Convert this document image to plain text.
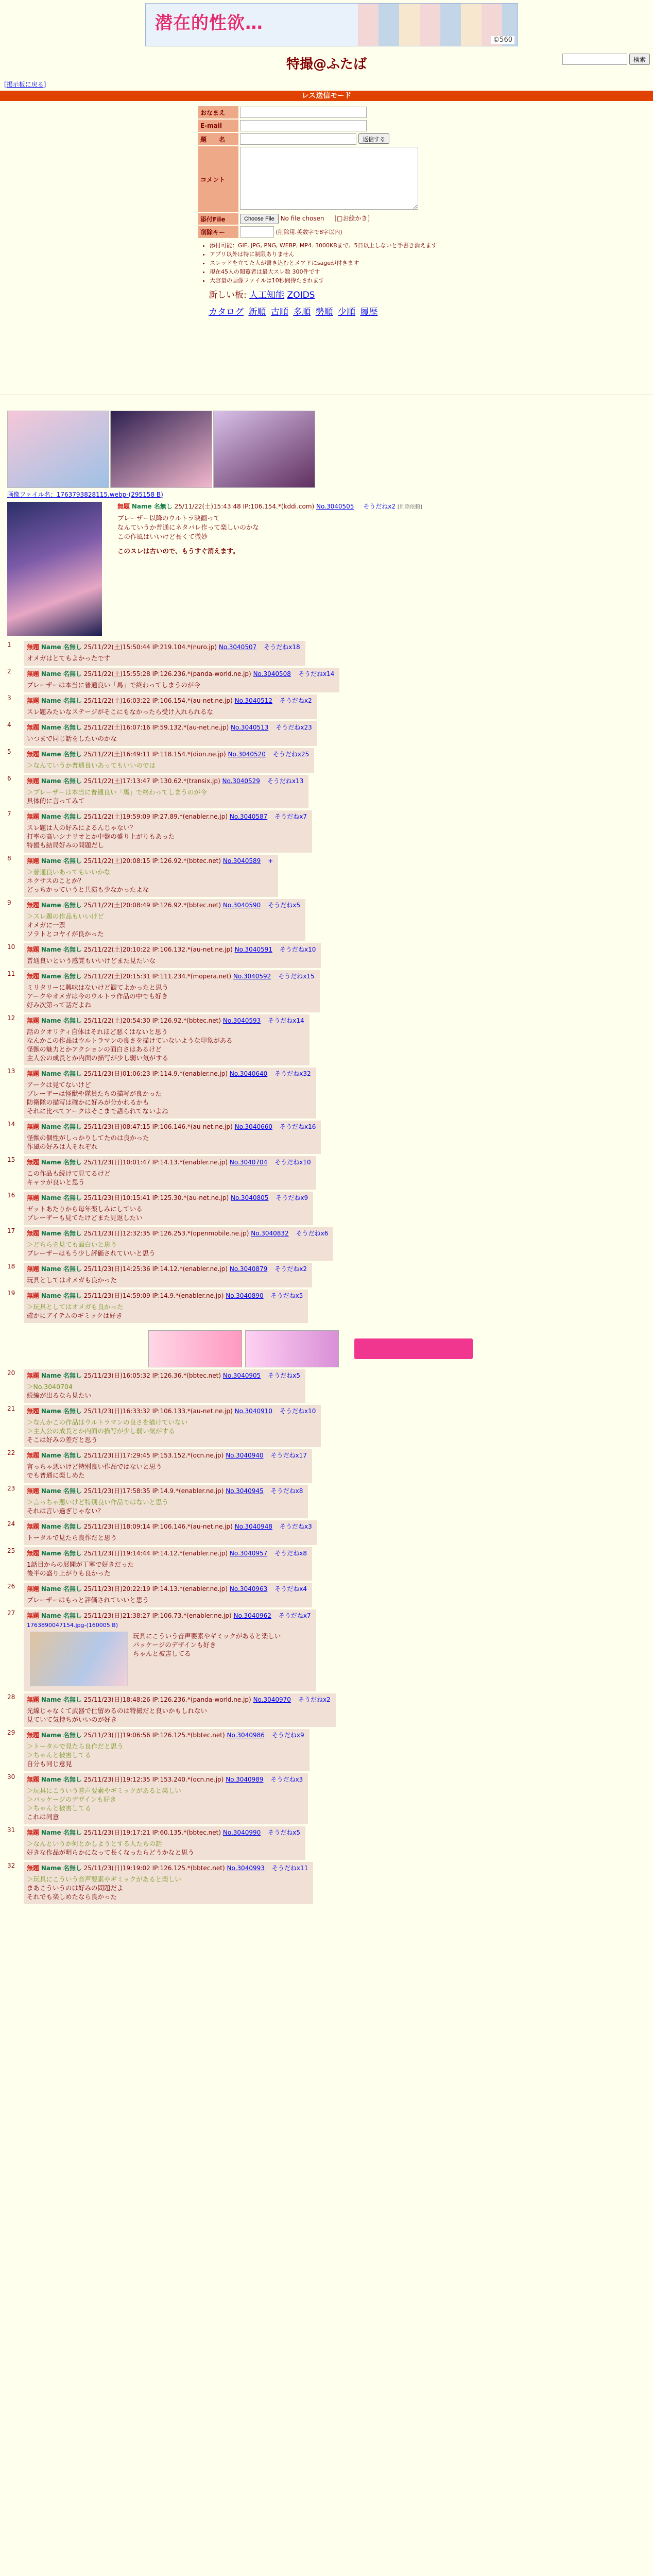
潜在的性欲…
©560
検索
特撮@ふたば
[掲示板に戻る]
レス送信モード
おなまえ	
E-mail	
題　　名	返信する
コメント	
添付File	Choose File No file chosen [□お絵かき]
削除キー	(削除用.英数字で8字以内)
• 添付可能：GIF, JPG, PNG, WEBP, MP4. 3000KBまで。5日以上しないと手書き消えます
• アプリ以外は特に制限ありません
• スレッドを立てた人が書き込むとメアドにsageが付きます
• 現在45人の閲覧者は最大スレ数 300件です
• 大容量の画像ファイルは10秒間待たされます
新しい板: 人工知能 ZOIDS
カタログ 新順 古順 多順 勢順 少順 履歴
画像ファイル名：1763793828115.webp-(295158 B)
無題 Name 名無し 25/11/22(土)15:43:48 IP:106.154.*(kddi.com) No.3040505 そうだねx2 [削除依頼]
ブレーザー以降のウルトラ映画って
なんていうか普通にネタバレ作って楽しいのかな
この作風はいいけど長くて微妙
このスレは古いので、もうすぐ消えます。
1	無題 Name 名無し 25/11/22(土)15:50:44 IP:219.104.*(nuro.jp) No.3040507 そうだねx18
オメガはとてもよかったです
2	無題 Name 名無し 25/11/22(土)15:55:28 IP:126.236.*(panda-world.ne.jp) No.3040508 そうだねx14
ブレーザーは本当に普通良い「馬」で終わってしまうのが今
3	無題 Name 名無し 25/11/22(土)16:03:22 IP:106.154.*(au-net.ne.jp) No.3040512 そうだねx2
スレ題みたいなステージがそこにもなかったら受け入れられるな
4	無題 Name 名無し 25/11/22(土)16:07:16 IP:59.132.*(au-net.ne.jp) No.3040513 そうだねx23
いつまで同じ話をしたいのかな
5	無題 Name 名無し 25/11/22(土)16:49:11 IP:118.154.*(dion.ne.jp) No.3040520 そうだねx25
＞なんていうか普通良いあってもいいのでは
6	無題 Name 名無し 25/11/22(土)17:13:47 IP:130.62.*(transix.jp) No.3040529 そうだねx13
＞ブレーザーは本当に普通良い「馬」で終わってしまうのが今
具体的に言ってみて
7	無題 Name 名無し 25/11/22(土)19:59:09 IP:27.89.*(enabler.ne.jp) No.3040587 そうだねx7
スレ題は人の好みによるんじゃない？
打率の高いシナリオとか中盤の盛り上がりもあった
特撮も結局好みの問題だし
8	無題 Name 名無し 25/11/22(土)20:08:15 IP:126.92.*(bbtec.net) No.3040589 +
＞普通良いあってもいいかな
ネクサスのことか？
どっちかっていうと共演も少なかったよな
9	無題 Name 名無し 25/11/22(土)20:08:49 IP:126.92.*(bbtec.net) No.3040590 そうだねx5
＞スレ題の作品もいいけど
オメガに一票
ソラトとコヤイが良かった
10	無題 Name 名無し 25/11/22(土)20:10:22 IP:106.132.*(au-net.ne.jp) No.3040591 そうだねx10
普通良いという感覚もいいけどまた見たいな
11	無題 Name 名無し 25/11/22(土)20:15:31 IP:111.234.*(mopera.net) No.3040592 そうだねx15
ミリタリーに興味はないけど観てよかったと思う
アークやオメガは今のウルトラ作品の中でも好き
好み次第って話だよね
12	無題 Name 名無し 25/11/22(土)20:54:30 IP:126.92.*(bbtec.net) No.3040593 そうだねx14
話のクオリティ自体はそれほど悪くはないと思う
なんかこの作品はウルトラマンの良さを描けていないような印象がある
怪獣の魅力とかアクションの面白さはあるけど
主人公の成長とか内面の描写が少し弱い気がする
13	無題 Name 名無し 25/11/23(日)01:06:23 IP:114.9.*(enabler.ne.jp) No.3040640 そうだねx32
アークは見てないけど
ブレーザーは怪獣や隊員たちの描写が良かった
防衛隊の描写は確かに好みが分かれるかも
それに比べてアークはそこまで語られてないよね
14	無題 Name 名無し 25/11/23(日)08:47:15 IP:106.146.*(au-net.ne.jp) No.3040660 そうだねx16
怪獣の個性がしっかりしてたのは良かった
作風の好みは人それぞれ
15	無題 Name 名無し 25/11/23(日)10:01:47 IP:14.13.*(enabler.ne.jp) No.3040704 そうだねx10
この作品も続けて見てるけど
キャラが良いと思う
16	無題 Name 名無し 25/11/23(日)10:15:41 IP:125.30.*(au-net.ne.jp) No.3040805 そうだねx9
ゼットあたりから毎年楽しみにしている
ブレーザーも見てたけどまた見返したい
17	無題 Name 名無し 25/11/23(日)12:32:35 IP:126.253.*(openmobile.ne.jp) No.3040832 そうだねx6
＞どちらを見ても面白いと思う
ブレーザーはもう少し評価されていいと思う
18	無題 Name 名無し 25/11/23(日)14:25:36 IP:14.12.*(enabler.ne.jp) No.3040879 そうだねx2
玩具としてはオメガも良かった
19	無題 Name 名無し 25/11/23(日)14:59:09 IP:14.9.*(enabler.ne.jp) No.3040890 そうだねx5
＞玩具としてはオメガも良かった
確かにアイテムのギミックは好き
20	無題 Name 名無し 25/11/23(日)16:05:32 IP:126.36.*(bbtec.net) No.3040905 そうだねx5
＞No.3040704
続編が出るなら見たい
21	無題 Name 名無し 25/11/23(日)16:33:32 IP:106.133.*(au-net.ne.jp) No.3040910 そうだねx10
＞なんかこの作品はウルトラマンの良さを描けていない
＞主人公の成長とか内面の描写が少し弱い気がする
そこは好みの差だと思う
22	無題 Name 名無し 25/11/23(日)17:29:45 IP:153.152.*(ocn.ne.jp) No.3040940 そうだねx17
言っちゃ悪いけど特別良い作品ではないと思う
でも普通に楽しめた
23	無題 Name 名無し 25/11/23(日)17:58:35 IP:14.9.*(enabler.ne.jp) No.3040945 そうだねx8
＞言っちゃ悪いけど特別良い作品ではないと思う
それは言い過ぎじゃない？
24	無題 Name 名無し 25/11/23(日)18:09:14 IP:106.146.*(au-net.ne.jp) No.3040948 そうだねx3
トータルで見たら良作だと思う
25	無題 Name 名無し 25/11/23(日)19:14:44 IP:14.12.*(enabler.ne.jp) No.3040957 そうだねx8
1話目からの展開が丁寧で好きだった
後半の盛り上がりも良かった
26	無題 Name 名無し 25/11/23(日)20:22:19 IP:14.13.*(enabler.ne.jp) No.3040963 そうだねx4
ブレーザーはもっと評価されていいと思う
27	無題 Name 名無し 25/11/23(日)21:38:27 IP:106.73.*(enabler.ne.jp) No.3040962 そうだねx7
1763890047154.jpg-(160005 B)
玩具にこういう音声要素やギミックがあると楽しい
パッケージのデザインも好き
ちゃんと被害してる
28	無題 Name 名無し 25/11/23(日)18:48:26 IP:126.236.*(panda-world.ne.jp) No.3040970 そうだねx2
光線じゃなくて武器で仕留めるのは特撮だと良いかもしれない
見ていて気持ちがいいのが好き
29	無題 Name 名無し 25/11/23(日)19:06:56 IP:126.125.*(bbtec.net) No.3040986 そうだねx9
＞トータルで見たら良作だと思う
＞ちゃんと被害してる
自分も同じ意見
30	無題 Name 名無し 25/11/23(日)19:12:35 IP:153.240.*(ocn.ne.jp) No.3040989 そうだねx3
＞玩具にこういう音声要素やギミックがあると楽しい
＞パッケージのデザインも好き
＞ちゃんと被害してる
これは同意
31	無題 Name 名無し 25/11/23(日)19:17:21 IP:60.135.*(bbtec.net) No.3040990 そうだねx5
＞なんというか何とかしようとする人たちの話
好きな作品が明らかになって長くなったらどうかなと思う
32	無題 Name 名無し 25/11/23(日)19:19:02 IP:126.125.*(bbtec.net) No.3040993 そうだねx11
＞玩具にこういう音声要素やギミックがあると楽しい
まあこういうのは好みの問題だよ
それでも楽しめたなら良かった
